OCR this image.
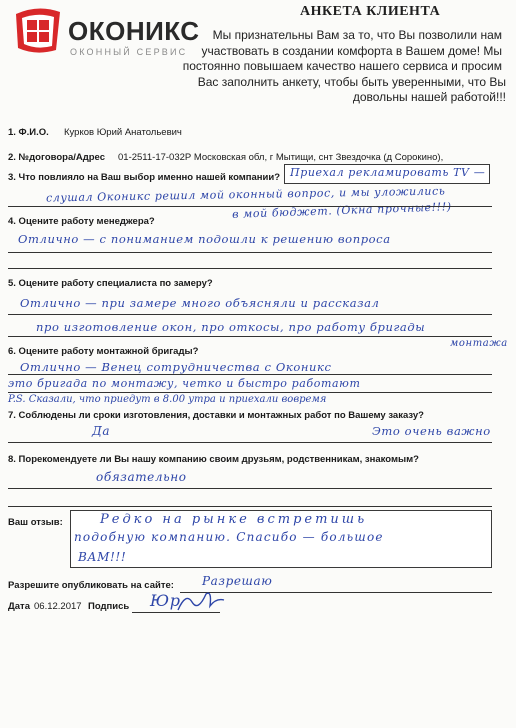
ОКОНИКС
ОКОННЫЙ СЕРВИС
АНКЕТА КЛИЕНТА
Мы признательны Вам за то, что Вы позволили нам
участвовать в создании комфорта в Вашем доме! Мы
постоянно повышаем качество нашего сервиса и просим
Вас заполнить анкету, чтобы быть уверенными, что Вы довольны нашей работой!!!
1. Ф.И.О. Курков Юрий Анатольевич
2. №договора/Адрес 01-2511-17-032Р Московская обл, г Мытищи, снт Звездочка (д Сорокино),
3. Что повлияло на Ваш выбор именно нашей компании? Приехал рекламировать TV —
слушал Оконикс решил мой оконный вопрос, и мы уложились
в мой бюджет. (Окна прочные!!!)
4. Оцените работу менеджера?
Отлично — с пониманием подошли к решению вопроса
5. Оцените работу специалиста по замеру?
Отлично — при замере много объясняли и рассказал
про изготовление окон, про откосы, про работу бригады
монтажа
6. Оцените работу монтажной бригады?
Отлично — Венец сотрудничества с Оконикс
это бригада по монтажу, четко и быстро работают
P.S. Сказали, что приедут в 8.00 утра и приехали вовремя
7. Соблюдены ли сроки изготовления, доставки и монтажных работ по Вашему заказу?
Да	Это очень важно
8. Порекомендуете ли Вы нашу компанию своим друзьям, родственникам, знакомым?
обязательно
Ваш отзыв:	Редко на рынке встретишь
подобную компанию. Спасибо — большое
ВАМ!!!
Разрешите опубликовать на сайте: Разрешаю
Дата 06.12.2017 Подпись Юр
